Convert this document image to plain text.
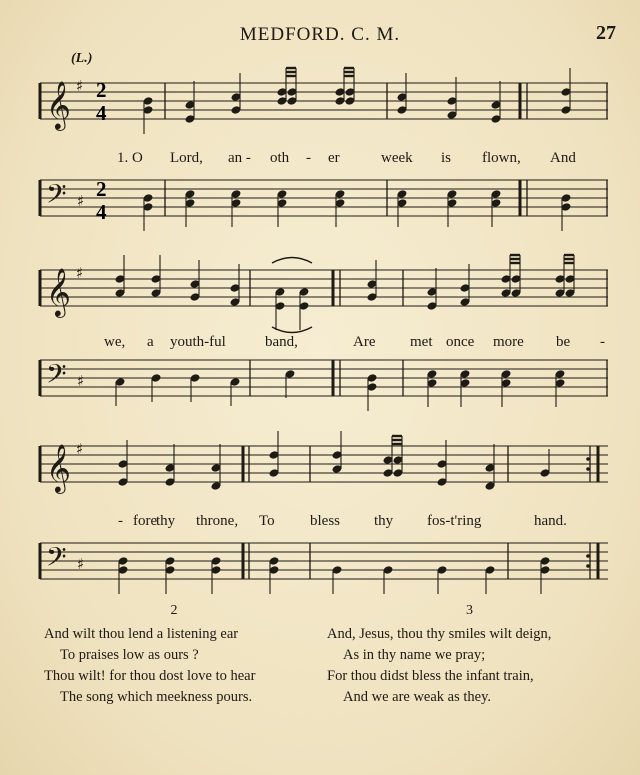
MEDFORD. C. M.	27
(L.)
𝄞 ♯
𝄢 ♯
𝄞 ♯
𝄢 ♯
𝄞 ♯
𝄢 ♯
2
4
2
4
1. O Lord, an - oth - er	week is flown, And
we, a youth-ful	band,	Are met once more be -
- fore
thy throne, To bless thy fos-t'ring	hand.
2
And wilt thou lend a listening ear
To praises low as ours ?
Thou wilt! for thou dost love to hear
The song which meekness pours.
3
And, Jesus, thou thy smiles wilt deign,
As in thy name we pray;
For thou didst bless the infant train,
And we are weak as they.
